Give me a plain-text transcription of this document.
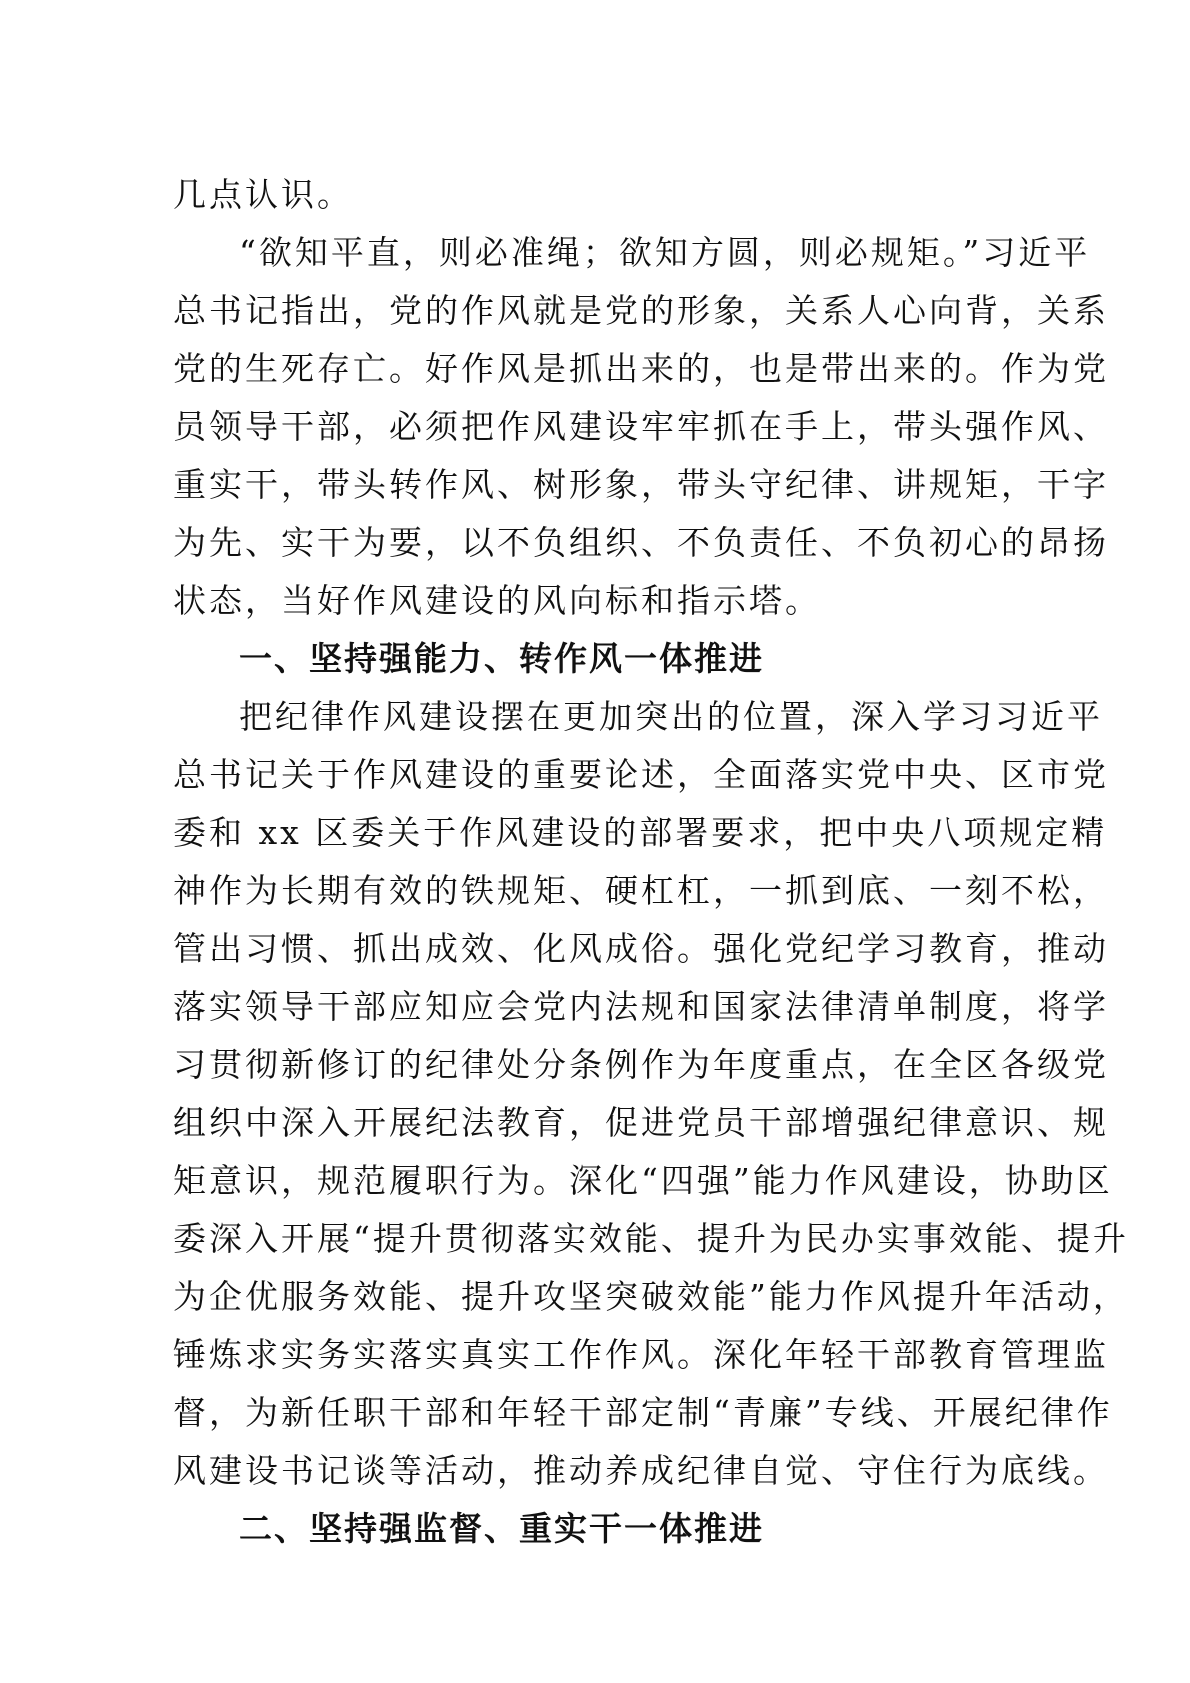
几点认识。
“欲知平直，则必准绳；欲知方圆，则必规矩。”习近平
总书记指出，党的作风就是党的形象，关系人心向背，关系
党的生死存亡。好作风是抓出来的，也是带出来的。作为党
员领导干部，必须把作风建设牢牢抓在手上，带头强作风、
重实干，带头转作风、树形象，带头守纪律、讲规矩，干字
为先、实干为要，以不负组织、不负责任、不负初心的昂扬
状态，当好作风建设的风向标和指示塔。
一、坚持强能力、转作风一体推进
把纪律作风建设摆在更加突出的位置，深入学习习近平
总书记关于作风建设的重要论述，全面落实党中央、区市党
委和 xx 区委关于作风建设的部署要求，把中央八项规定精
神作为长期有效的铁规矩、硬杠杠，一抓到底、一刻不松，
管出习惯、抓出成效、化风成俗。强化党纪学习教育，推动
落实领导干部应知应会党内法规和国家法律清单制度，将学
习贯彻新修订的纪律处分条例作为年度重点，在全区各级党
组织中深入开展纪法教育，促进党员干部增强纪律意识、规
矩意识，规范履职行为。深化“四强”能力作风建设，协助区
委深入开展“提升贯彻落实效能、提升为民办实事效能、提升
为企优服务效能、提升攻坚突破效能”能力作风提升年活动，
锤炼求实务实落实真实工作作风。深化年轻干部教育管理监
督，为新任职干部和年轻干部定制“青廉”专线、开展纪律作
风建设书记谈等活动，推动养成纪律自觉、守住行为底线。
二、坚持强监督、重实干一体推进
